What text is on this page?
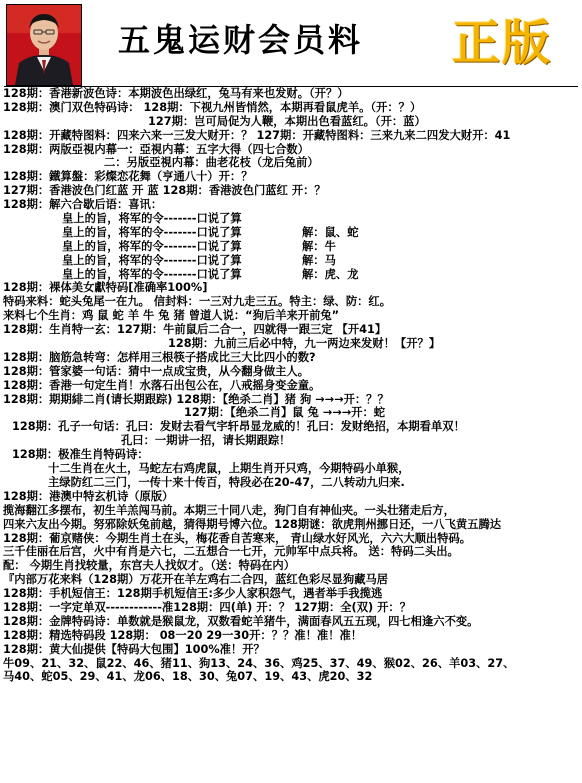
五鬼运财会员料 正版
128期：香港新波色诗：本期波色出绿红，兔马有来也发财。（开？）
128期：澳门双色特码诗： 128期：下视九州皆悄然，本期再看鼠虎羊。（开：？）
127期：岂可局促为人鞭，本期出色看蓝红。（开：蓝）
128期：开藏特图料：四来六来一三发大财开：？ 127期：开藏特图料：三来九来二四发大财开：41
128期：两版亞視内幕一：亞視内幕：五字大得（四七合数）
二：另版亞視内幕：曲老花枝（龙后兔前）
128期：鐵算盤：彩燦恋花舞（亨通八十）开：？
127期：香港波色门红蓝 开 蓝 128期：香港波色门蓝红 开：？
128期：解六合歇后语：喜讯：
皇上的旨，将军的令-------口说了算
皇上的旨，将军的令-------口说了算	解：鼠、蛇
皇上的旨，将军的令-------口说了算	解：牛
皇上的旨，将军的令-------口说了算	解：马
皇上的旨，将军的令-------口说了算	解：虎、龙
128期：裸体美女獻特码[准确率100%]
特码来料：蛇头兔尾一在九。 信封料：一三对九走三五。特主：绿、防：红。
来料七个生肖：鸡 鼠 蛇 羊 牛 兔 猪 曾道人说：“狗后羊来开前兔”
128期：生肖特一玄：127期：牛前鼠后二合一，四就得一跟三定 【开41】
128期：九前三后必中特，九一两边来发财！【开？】
128期：脑筋急转弯：怎样用三根筷子搭成比三大比四小的数?
128期：管家婆一句话：猜中一点成宝贵，从今翻身做主人。
128期：香港一句定生肖！水落石出包公在，八戒摇身变金童。
128期：期期緋二肖(请长期跟踪) 128期：【绝杀二肖】猪 狗 →→→开：？？
127期：【绝杀二肖】鼠 兔 →→→开：蛇
128期：孔子一句话：孔曰：发财去看气宇轩昂显龙威的！孔曰：发财绝招，本期看单双！
孔曰：一期讲一招，请长期跟踪！
128期：极准生肖特码诗：
十二生肖在火土，马蛇左右鸡虎鼠，上期生肖开只鸡，今期特码小单猴，
主绿防红二三门，一传十来十传百，特段必在20-47，二八转动九归来.
128期：港澳中特玄机诗（原版）
揽海翻江多摆布，初生羊羔闯马前。本期三十同八走，狗门自有神仙夹。一头壮猪走后方，
四来六友出今期。努邪除妖兔前越，猜得期号博六位。128期谜：欲虎荆州挪日还，一八飞黄五腾达
128期：葡京赌侠：今期生肖土在头，梅花香自苦寒来， 青山绿水好风光，六六大顺出特码。
三千佳丽在后宫，火中有肖是六七，二五想合一七开，元帅军中点兵将。 送：特码二头出。
配： 今期生肖找较量，东宫夫人找奴才。（送：特码在内）
『内部万花来料（128期）万花开在羊左鸡右二合四，蓝红色彩尽显狗藏马居
128期：手机短信王：128期手机短信王:多少人家积怨气，遇者举手我揽逃
128期：一字定单双------------准128期：四(单) 开：？ 127期：全(双) 开：？
128期：金牌特码诗：单数就是猴鼠龙，双数看蛇羊猪牛，满面春风五五现，四七相逢六不变。
128期：精选特码段 128期： 08一20 29一30开：？？准！准！准！
128期：黄大仙提供【特码大包围】100%准！开？
牛09、21、32、鼠22、46、猪11、狗13、24、36、鸡25、37、49、猴02、26、羊03、27、
马40、蛇05、29、41、龙06、18、30、兔07、19、43、虎20、32
